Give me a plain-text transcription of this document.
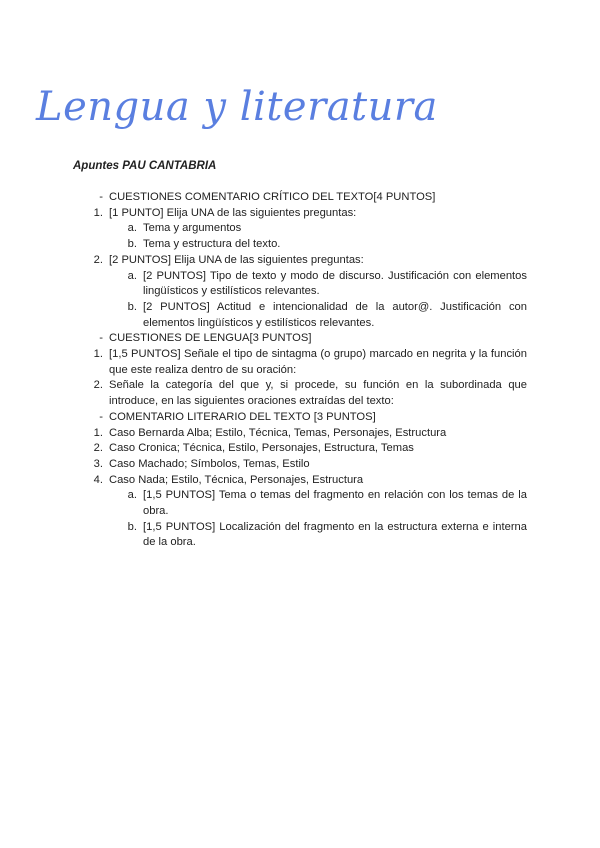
Lengua y literatura
Apuntes PAU CANTABRIA
- CUESTIONES COMENTARIO CRÍTICO DEL TEXTO[4 PUNTOS]
1. [1 PUNTO] Elija UNA de las siguientes preguntas:
a. Tema y argumentos
b. Tema y estructura del texto.
2. [2 PUNTOS] Elija UNA de las siguientes preguntas:
a. [2 PUNTOS] Tipo de texto y modo de discurso. Justificación con elementos lingüísticos y estilísticos relevantes.
b. [2 PUNTOS] Actitud e intencionalidad de la autor@. Justificación con elementos lingüísticos y estilísticos relevantes.
- CUESTIONES DE LENGUA[3 PUNTOS]
1. [1,5 PUNTOS] Señale el tipo de sintagma (o grupo) marcado en negrita y la función que este realiza dentro de su oración:
2. Señale la categoría del que y, si procede, su función en la subordinada que introduce, en las siguientes oraciones extraídas del texto:
- COMENTARIO LITERARIO DEL TEXTO [3 PUNTOS]
1. Caso Bernarda Alba; Estilo, Técnica, Temas, Personajes, Estructura
2. Caso Cronica; Técnica, Estilo, Personajes, Estructura, Temas
3. Caso Machado; Símbolos, Temas, Estilo
4. Caso Nada; Estilo, Técnica, Personajes, Estructura
a. [1,5 PUNTOS] Tema o temas del fragmento en relación con los temas de la obra.
b. [1,5 PUNTOS] Localización del fragmento en la estructura externa e interna de la obra.
